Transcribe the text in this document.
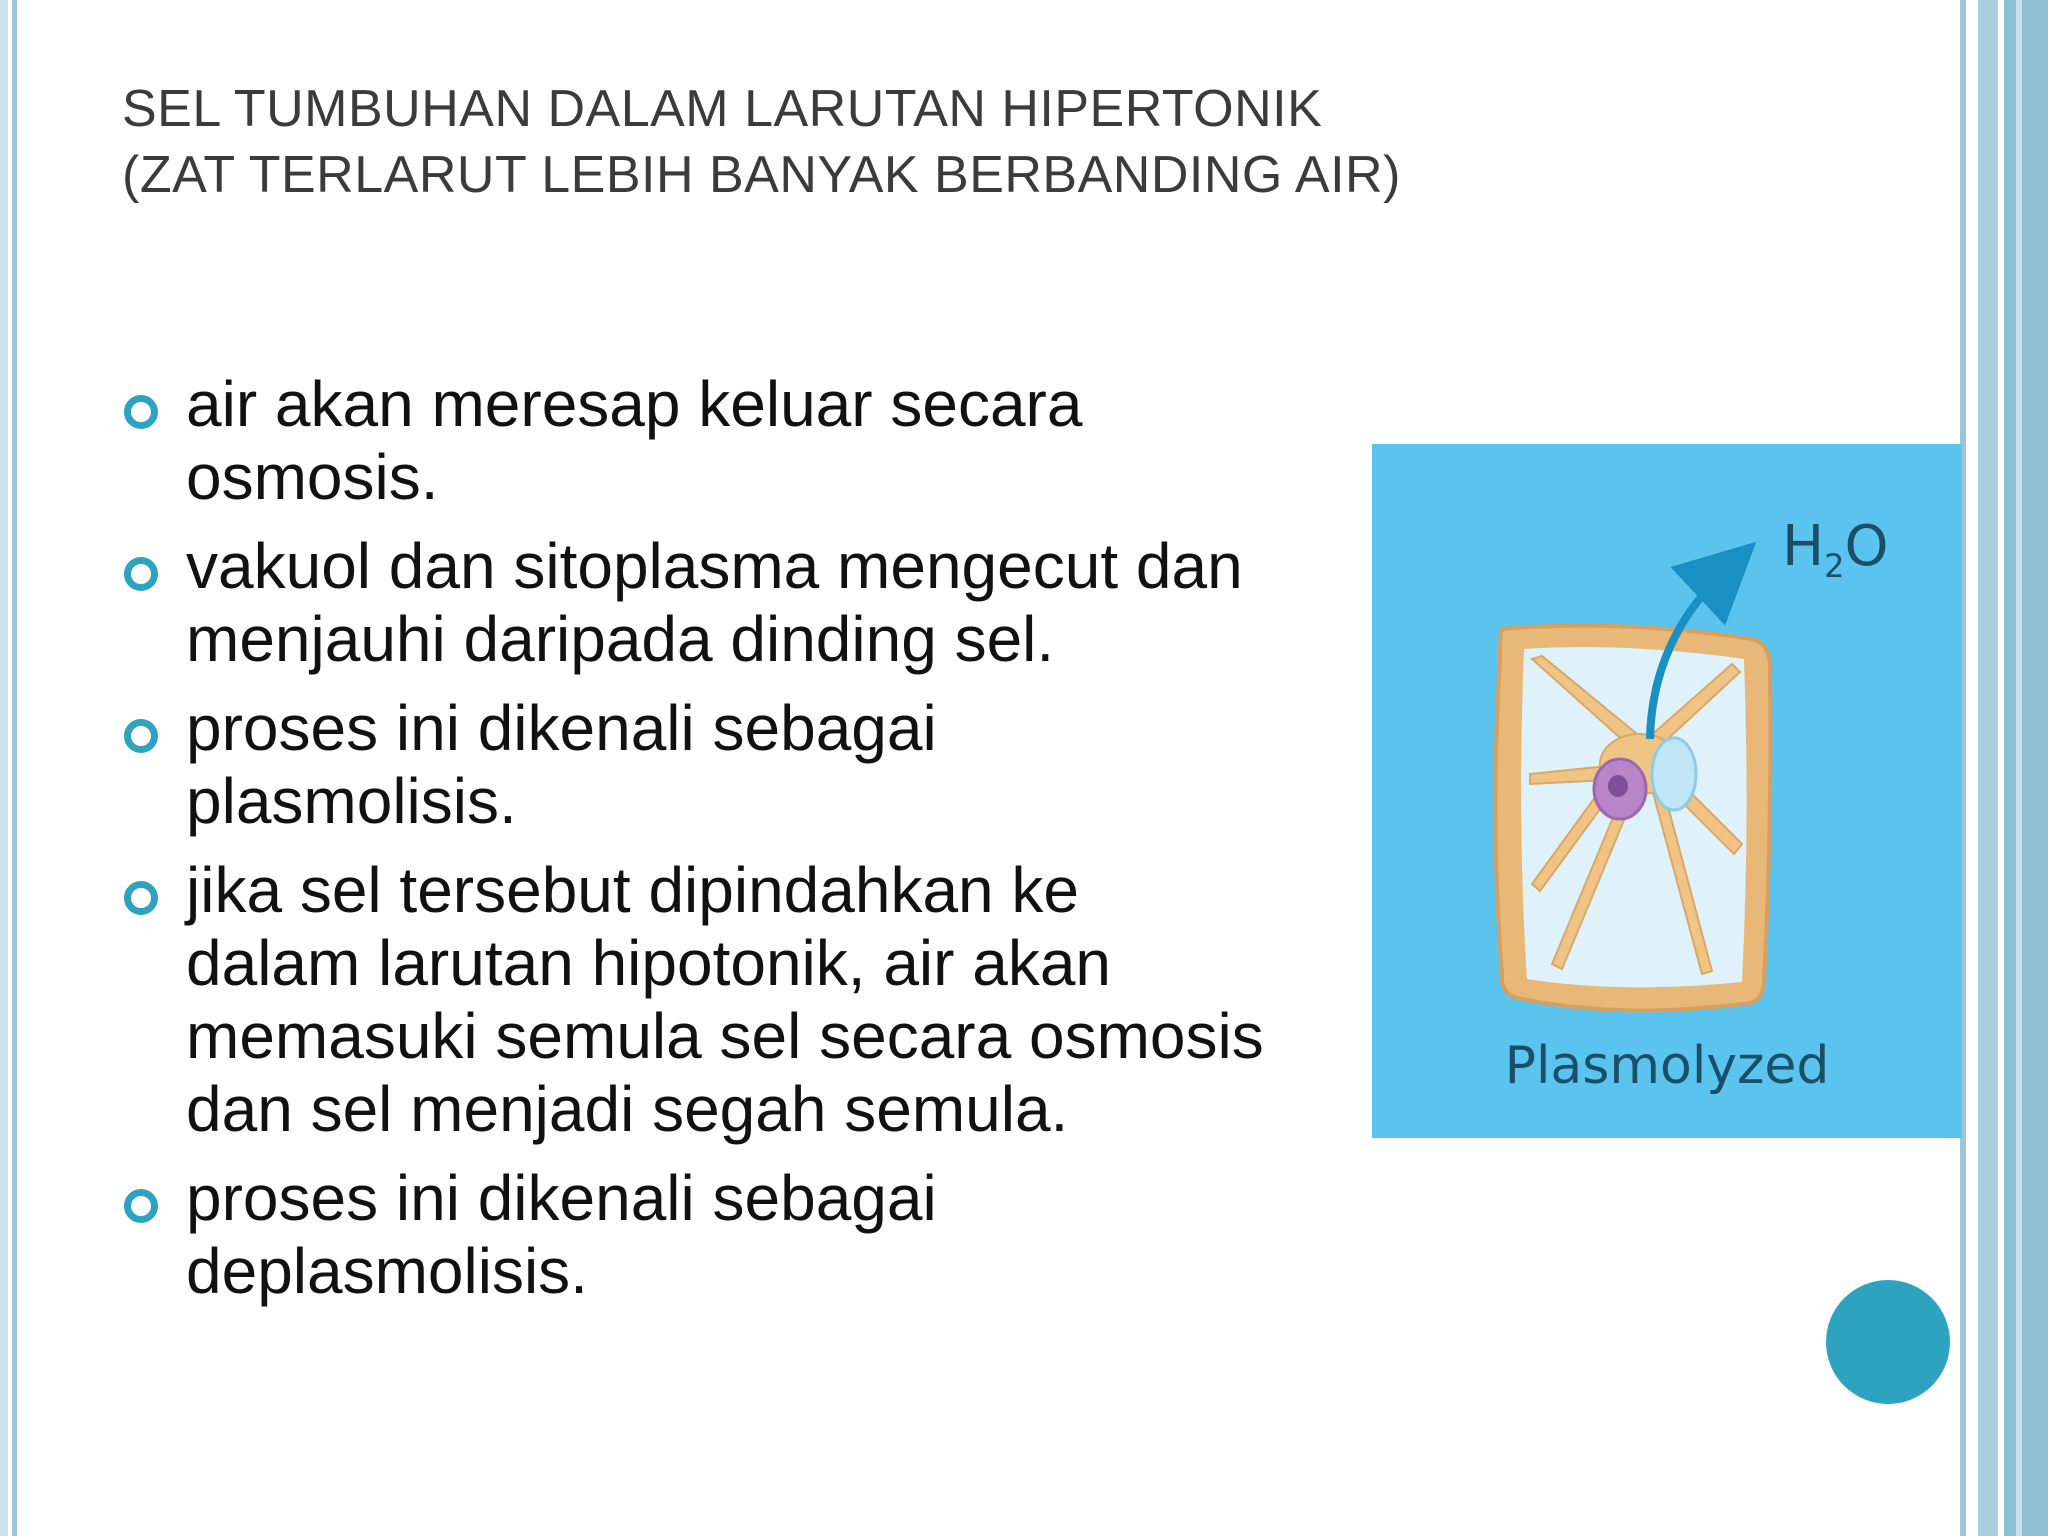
SEL TUMBUHAN DALAM LARUTAN HIPERTONIK
(ZAT TERLARUT LEBIH BANYAK BERBANDING AIR)
air akan meresap keluar secara
osmosis.
vakuol dan sitoplasma mengecut dan
menjauhi daripada dinding sel.
proses ini dikenali sebagai
plasmolisis.
jika sel tersebut dipindahkan ke
dalam larutan hipotonik, air akan
memasuki semula sel secara osmosis
dan sel menjadi segah semula.
proses ini dikenali sebagai
deplasmolisis.
$H_2O$
Plasmolyzed
